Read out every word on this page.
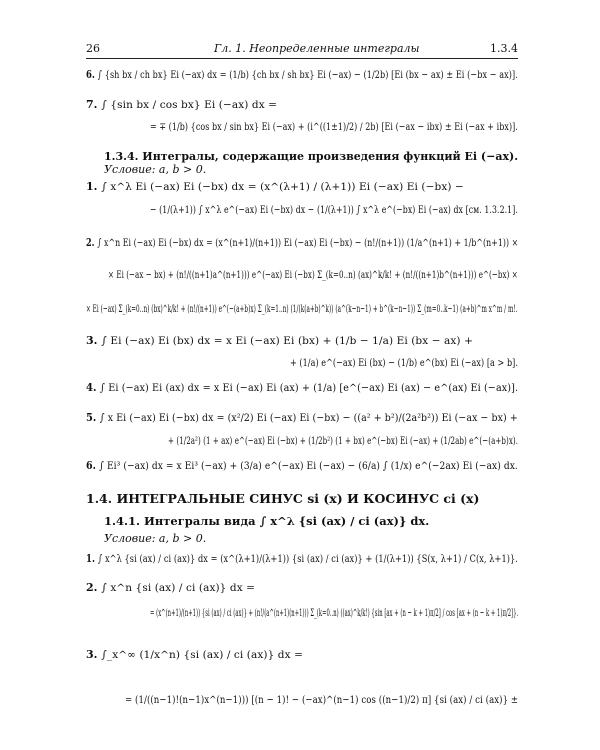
26	Гл. 1. Неопределенные интегралы	1.3.4
6. ∫ {sh bx / ch bx} Ei (−ax) dx = (1/b) {ch bx / sh bx} Ei (−ax) − (1/2b) [Ei (bx − ax) ± Ei (−bx − ax)].
7. ∫ {sin bx / cos bx} Ei (−ax) dx =
= ∓ (1/b) {cos bx / sin bx} Ei (−ax) + (i^((1±1)/2) / 2b) [Ei (−ax − ibx) ± Ei (−ax + ibx)].
1.3.4. Интегралы, содержащие произведения функций Ei (−ax).
Условие: a, b > 0.
1. ∫ x^λ Ei (−ax) Ei (−bx) dx = (x^(λ+1) / (λ+1)) Ei (−ax) Ei (−bx) −
− (1/(λ+1)) ∫ x^λ e^(−ax) Ei (−bx) dx − (1/(λ+1)) ∫ x^λ e^(−bx) Ei (−ax) dx [см. 1.3.2.1].
2. ∫ x^n Ei (−ax) Ei (−bx) dx = (x^(n+1)/(n+1)) Ei (−ax) Ei (−bx) − (n!/(n+1)) (1/a^(n+1) + 1/b^(n+1)) ×
× Ei (−ax − bx) + (n!/((n+1)a^(n+1))) e^(−ax) Ei (−bx) Σ_(k=0..n) (ax)^k/k! + (n!/((n+1)b^(n+1))) e^(−bx) ×
× Ei (−ax) Σ_(k=0..n) (bx)^k/k! + (n!/(n+1)) e^(−(a+b)x) Σ_(k=1..n) (1/(k(a+b)^k)) (a^(k−n−1) + b^(k−n−1)) Σ_(m=0..k−1) (a+b)^m x^m / m!.
3. ∫ Ei (−ax) Ei (bx) dx = x Ei (−ax) Ei (bx) + (1/b − 1/a) Ei (bx − ax) +
+ (1/a) e^(−ax) Ei (bx) − (1/b) e^(bx) Ei (−ax) [a > b].
4. ∫ Ei (−ax) Ei (ax) dx = x Ei (−ax) Ei (ax) + (1/a) [e^(−ax) Ei (ax) − e^(ax) Ei (−ax)].
5. ∫ x Ei (−ax) Ei (−bx) dx = (x²/2) Ei (−ax) Ei (−bx) − ((a² + b²)/(2a²b²)) Ei (−ax − bx) +
+ (1/2a²) (1 + ax) e^(−ax) Ei (−bx) + (1/2b²) (1 + bx) e^(−bx) Ei (−ax) + (1/2ab) e^(−(a+b)x).
6. ∫ Ei³ (−ax) dx = x Ei³ (−ax) + (3/a) e^(−ax) Ei (−ax) − (6/a) ∫ (1/x) e^(−2ax) Ei (−ax) dx.
1.4. ИНТЕГРАЛЬНЫЕ СИНУС si (x) И КОСИНУС ci (x)
1.4.1. Интегралы вида ∫ x^λ {si (ax) / ci (ax)} dx.
Условие: a, b > 0.
1. ∫ x^λ {si (ax) / ci (ax)} dx = (x^(λ+1)/(λ+1)) {si (ax) / ci (ax)} + (1/(λ+1)) {S(x, λ+1) / C(x, λ+1)}.
2. ∫ x^n {si (ax) / ci (ax)} dx =
= (x^(n+1)/(n+1)) {si (ax) / ci (ax)} + (n!/(a^(n+1)(n+1))) Σ_(k=0..n) ((ax)^k/k!) {sin [ax + (n − k + 1)π/2] / cos [ax + (n − k + 1)π/2]}.
3. ∫_x^∞ (1/x^n) {si (ax) / ci (ax)} dx =
= (1/((n−1)!(n−1)x^(n−1))) [(n − 1)! − (−ax)^(n−1) cos ((n−1)/2) π] {si (ax) / ci (ax)} ±
